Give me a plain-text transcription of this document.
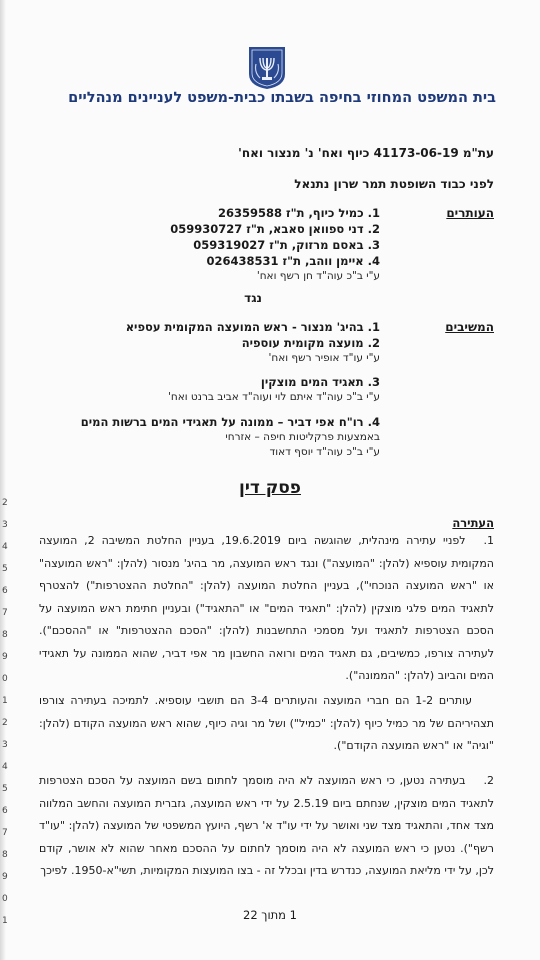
בית המשפט המחוזי בחיפה בשבתו כבית-משפט לעניינים מנהליים
עת"מ 41173-06-19 כיוף ואח' נ' מנצור ואח'
לפני כבוד השופטת תמר שרון נתנאל
העותרים
1.כמיל כיוף, ת"ז 26359588
2.דני ספוואן סאבא, ת"ז 059930727
3.באסם מרזוק, ת"ז 059319027
4.איימן ווהב, ת"ז 026438531
ע"י ב"כ עוה"ד חן רשף ואח'
נגד
המשיבים
1.בהיג' מנצור - ראש המועצה המקומית עספיא
2.מועצה מקומית עוספיה
ע"י עו"ד אופיר רשף ואח'
3.תאגיד המים מוצקין
ע"י ב"כ עוה"ד איתם לוי ועוה"ד אביב ברנט ואח'
4.רו"ח אפי דביר – ממונה על תאגידי המים ברשות המים
באמצעות פרקליטות חיפה – אזרחי
ע"י ב"כ עוה"ד יוסף דאוד
פסק דין
העתירה
1.לפניי עתירה מינהלית, שהוגשה ביום 19.6.2019, בעניין החלטת המשיבה 2, המועצה המקומית עוספיא (להלן: "המועצה") ונגד ראש המועצה, מר בהיג' מנסור (להלן: "ראש המועצה" או "ראש המועצה הנוכחי"), בעניין החלטת המועצה (להלן: "החלטת ההצטרפות") להצטרף לתאגיד המים פלגי מוצקין (להלן: "תאגיד המים" או "התאגיד") ובעניין חתימת ראש המועצה על הסכם הצטרפות לתאגיד ועל מסמכי התחשבנות (להלן: "הסכם ההצטרפות" או "ההסכם"). לעתירה צורפו, כמשיבים, גם תאגיד המים ורואה החשבון מר אפי דביר, שהוא הממונה על תאגידי המים והביוב (להלן: "הממונה").
עותרים 1-2 הם חברי המועצה והעותרים 3-4 הם תושבי עוספיא. לתמיכה בעתירה צורפו תצהיריהם של מר כמיל כיוף (להלן: "כמיל") ושל מר וגיה כיוף, שהוא ראש המועצה הקודם (להלן: "וגיה" או "ראש המועצה הקודם").
2.בעתירה נטען, כי ראש המועצה לא היה מוסמך לחתום בשם המועצה על הסכם הצטרפות לתאגיד המים מוצקין, שנחתם ביום 2.5.19 על ידי ראש המועצה, גזברית המועצה והחשב המלווה מצד אחד, והתאגיד מצד שני ואושר על ידי עו"ד א' רשף, היועץ המשפטי של המועצה (להלן: "עו"ד רשף"). נטען כי ראש המועצה לא היה מוסמך לחתום על ההסכם מאחר שהוא לא אושר, קודם לכן, על ידי מליאת המועצה, כנדרש בדין ובכלל זה - בצו המועצות המקומיות, תשי"א-1950. לפיכך
1 מתוך 22
2
3
4
5
6
7
8
9
0
1
2
3
4
5
6
7
8
9
0
1
